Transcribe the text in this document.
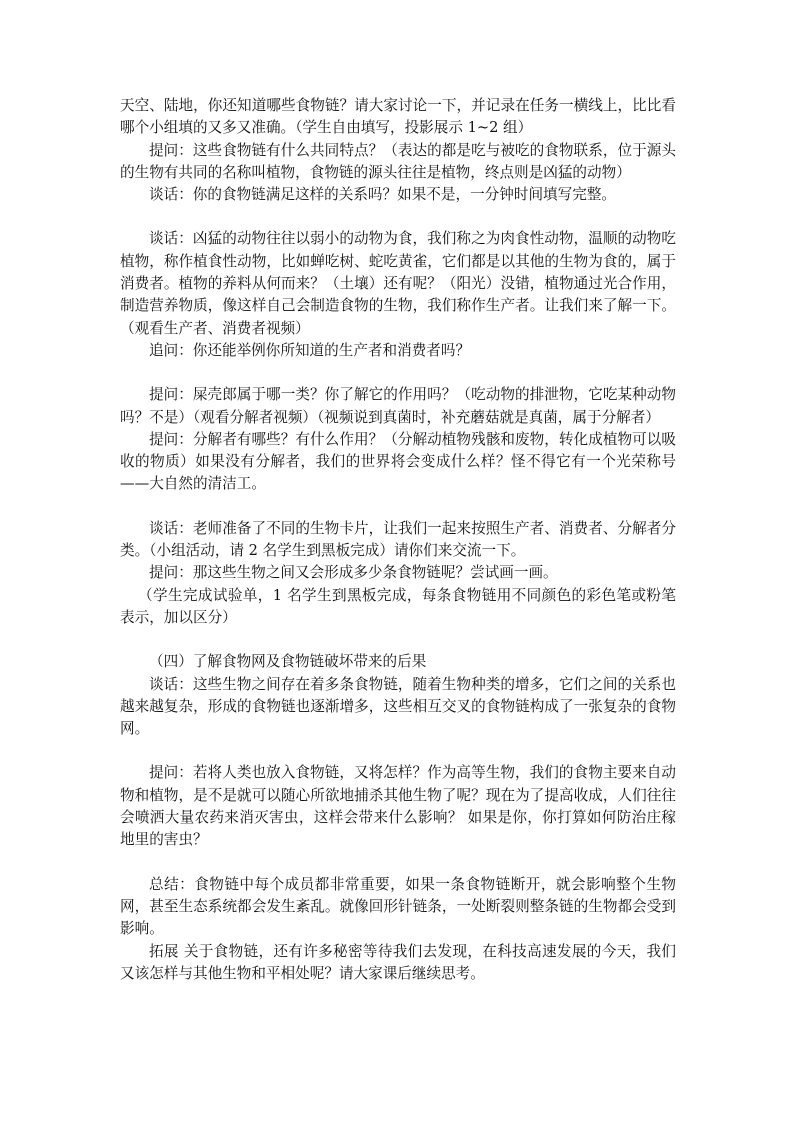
天空、陆地，你还知道哪些食物链？请大家讨论一下，并记录在任务一横线上，比比看哪个小组填的又多又准确。（学生自由填写，投影展示 1~2 组）

提问：这些食物链有什么共同特点？（表达的都是吃与被吃的食物联系，位于源头的生物有共同的名称叫植物，食物链的源头往往是植物，终点则是凶猛的动物）

谈话：你的食物链满足这样的关系吗？如果不是，一分钟时间填写完整。

谈话：凶猛的动物往往以弱小的动物为食，我们称之为肉食性动物，温顺的动物吃植物，称作植食性动物，比如蝉吃树、蛇吃黄雀，它们都是以其他的生物为食的，属于消费者。植物的养料从何而来？（土壤）还有呢？（阳光）没错，植物通过光合作用，制造营养物质，像这样自己会制造食物的生物，我们称作生产者。让我们来了解一下。（观看生产者、消费者视频）

追问：你还能举例你所知道的生产者和消费者吗？

提问：屎壳郎属于哪一类？你了解它的作用吗？（吃动物的排泄物，它吃某种动物吗？不是）（观看分解者视频）（视频说到真菌时，补充蘑菇就是真菌，属于分解者）

提问：分解者有哪些？有什么作用？（分解动植物残骸和废物，转化成植物可以吸收的物质）如果没有分解者，我们的世界将会变成什么样？怪不得它有一个光荣称号——大自然的清洁工。

谈话：老师准备了不同的生物卡片，让我们一起来按照生产者、消费者、分解者分类。（小组活动，请 2 名学生到黑板完成）请你们来交流一下。

提问：那这些生物之间又会形成多少条食物链呢？尝试画一画。

（学生完成试验单，1 名学生到黑板完成，每条食物链用不同颜色的彩色笔或粉笔表示，加以区分）

（四）了解食物网及食物链破坏带来的后果

谈话：这些生物之间存在着多条食物链，随着生物种类的增多，它们之间的关系也越来越复杂，形成的食物链也逐渐增多，这些相互交叉的食物链构成了一张复杂的食物网。

提问：若将人类也放入食物链，又将怎样？作为高等生物，我们的食物主要来自动物和植物，是不是就可以随心所欲地捕杀其他生物了呢？现在为了提高收成，人们往往会喷洒大量农药来消灭害虫，这样会带来什么影响？ 如果是你，你打算如何防治庄稼地里的害虫？

总结：食物链中每个成员都非常重要，如果一条食物链断开，就会影响整个生物网，甚至生态系统都会发生紊乱。就像回形针链条，一处断裂则整条链的生物都会受到影响。

拓展 关于食物链，还有许多秘密等待我们去发现，在科技高速发展的今天，我们又该怎样与其他生物和平相处呢？请大家课后继续思考。
